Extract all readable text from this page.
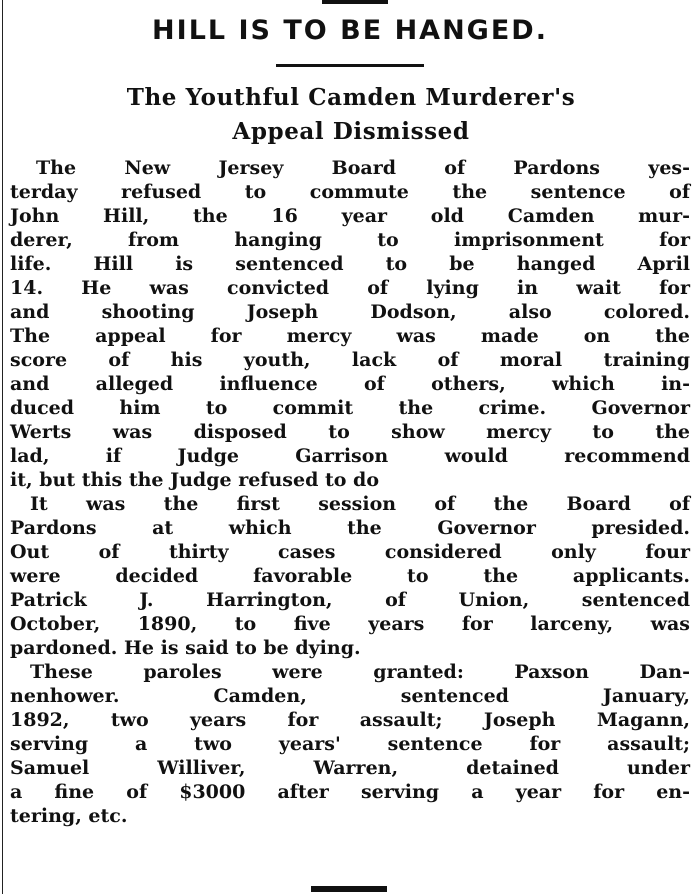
HILL IS TO BE HANGED.
The Youthful Camden Murderer's
Appeal Dismissed
The New Jersey Board of Pardons yes-
terday refused to commute the sentence of
John Hill, the 16 year old Camden mur-
derer, from hanging to imprisonment for
life. Hill is sentenced to be hanged April
14. He was convicted of lying in wait for
and shooting Joseph Dodson, also colored.
The appeal for mercy was made on the
score of his youth, lack of moral training
and alleged influence of others, which in-
duced him to commit the crime. Governor
Werts was disposed to show mercy to the
lad, if Judge Garrison would recommend
it, but this the Judge refused to do
It was the first session of the Board of
Pardons at which the Governor presided.
Out of thirty cases considered only four
were decided favorable to the applicants.
Patrick J. Harrington, of Union, sentenced
October, 1890, to five years for larceny, was
pardoned. He is said to be dying.
These paroles were granted: Paxson Dan-
nenhower. Camden, sentenced January,
1892, two years for assault; Joseph Magann,
serving a two years' sentence for assault;
Samuel Williver, Warren, detained under
a fine of $3000 after serving a year for en-
tering, etc.
